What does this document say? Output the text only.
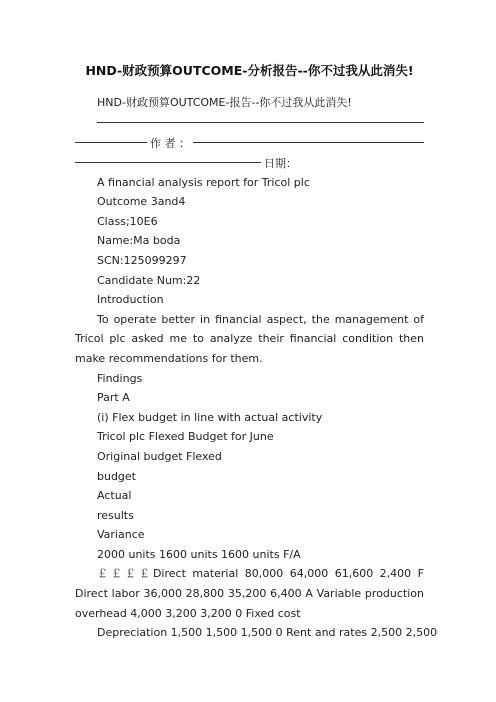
HND-财政预算OUTCOME-分析报告--你不过我从此消失!
HND-财政预算OUTCOME-报告--你不过我从此消失!
作 者 ：
日期：
A financial analysis report for Tricol plc
Outcome 3and4
Class;10E6
Name:Ma boda
SCN:125099297
Candidate Num:22
Introduction

To operate better in financial aspect, the management of Tricol plc asked me to analyze their financial condition then make recommendations for them.

Findings
Part A
(ⅰ) Flex budget in line with actual activity
Tricol plc Flexed Budget for June
Original budget Flexed
budget
Actual
results
Variance
2000 units 1600 units 1600 units F/A

￡￡￡￡Direct material 80,000 64,000 61,600 2,400 F Direct labor 36,000 28,800 35,200 6,400 A Variable production overhead 4,000 3,200 3,200 0 Fixed cost

Depreciation 1,500 1,500 1,500 0 Rent and rates 2,500 2,500
